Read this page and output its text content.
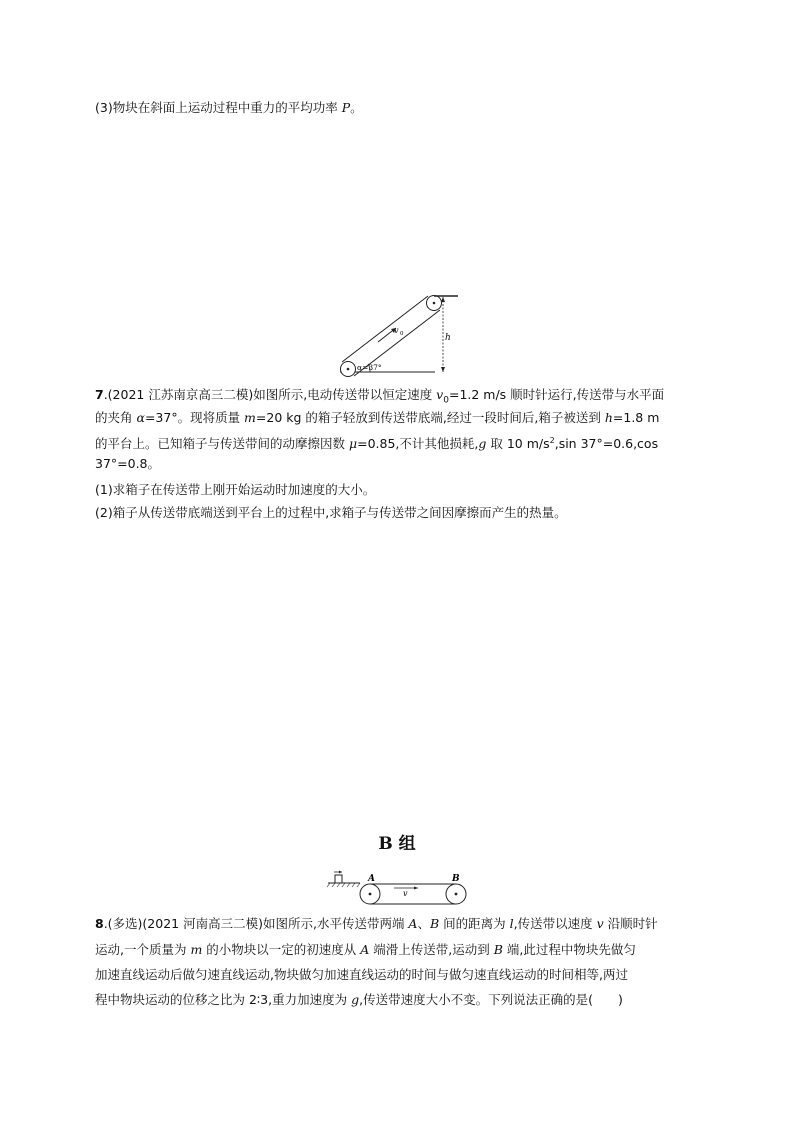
(3)物块在斜面上运动过程中重力的平均功率 P。
v 0	h
α=37°
7.(2021 江苏南京高三二模)如图所示,电动传送带以恒定速度 $v_0=1.2$ m/s 顺时针运行,传送带与水平面
的夹角 α=37°。现将质量 m=20 kg 的箱子轻放到传送带底端,经过一段时间后,箱子被送到 h=1.8 m
的平台上。已知箱子与传送带间的动摩擦因数 μ=0.85,不计其他损耗,g 取 10 $m/s^2,\sin$ 37°=0.6,cos
37°=0.8。
(1)求箱子在传送带上刚开始运动时加速度的大小。
(2)箱子从传送带底端送到平台上的过程中,求箱子与传送带之间因摩擦而产生的热量。
B 组
A	B
v
8.(多选)(2021 河南高三二模)如图所示,水平传送带两端 A、B 间的距离为 l,传送带以速度 v 沿顺时针
运动,一个质量为 m 的小物块以一定的初速度从 A 端滑上传送带,运动到 B 端,此过程中物块先做匀
加速直线运动后做匀速直线运动,物块做匀加速直线运动的时间与做匀速直线运动的时间相等,两过
程中物块运动的位移之比为 2∶3,重力加速度为 g,传送带速度大小不变。下列说法正确的是(　　)
